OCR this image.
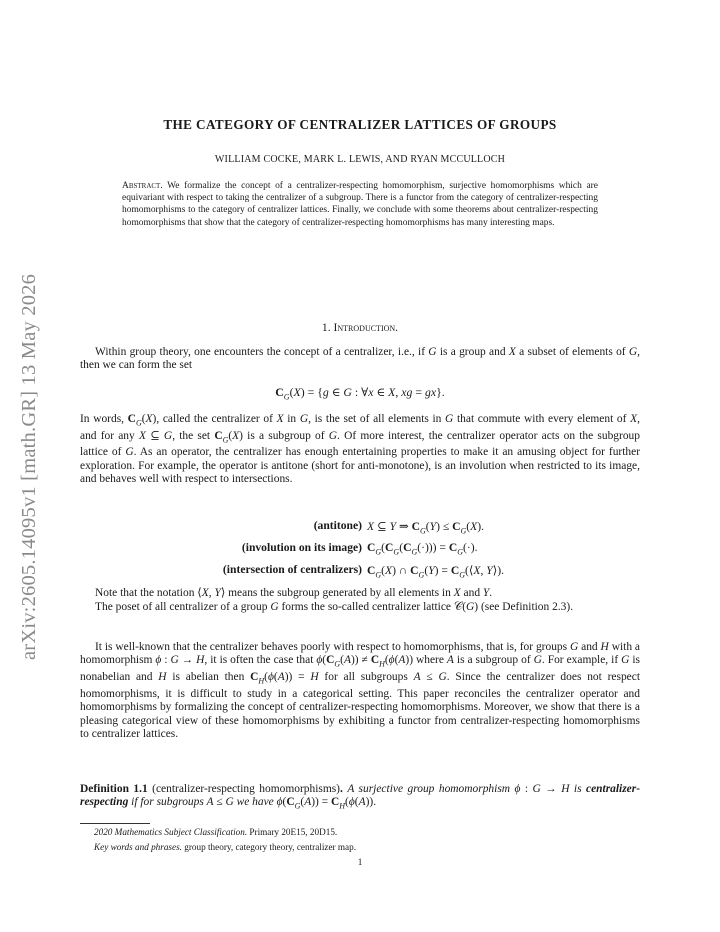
arXiv:2605.14095v1 [math.GR] 13 May 2026
THE CATEGORY OF CENTRALIZER LATTICES OF GROUPS
WILLIAM COCKE, MARK L. LEWIS, AND RYAN MCCULLOCH
Abstract. We formalize the concept of a centralizer-respecting homomorphism, surjective homomorphisms which are equivariant with respect to taking the centralizer of a subgroup. There is a functor from the category of centralizer-respecting homomorphisms to the category of centralizer lattices. Finally, we conclude with some theorems about centralizer-respecting homomorphisms that show that the category of centralizer-respecting homomorphisms has many interesting maps.
1. Introduction.
Within group theory, one encounters the concept of a centralizer, i.e., if G is a group and X a subset of elements of G, then we can form the set
$C_G(X) = \{g$ ∈ G : ∀x ∈ X, xg = gx}.
In words, $C_G(X)$, called the centralizer of X in G, is the set of all elements in G that commute with every element of X, and for any X ⊆ G, the set $C_G(X)$ is a subgroup of G. Of more interest, the centralizer operator acts on the subgroup lattice of G. As an operator, the centralizer has enough entertaining properties to make it an amusing object for further exploration. For example, the operator is antitone (short for anti-monotone), is an involution when restricted to its image, and behaves well with respect to intersections.
(antitone) X ⊆ Y ⇒ $C_G(Y) \le C_G(X)$.
(involution on its image) $C_G(C_G(C_G(\cdot))) = C_G(\cdot)$.
(intersection of centralizers) $C_G(X)$ ∩ $C_G(Y)$ = $C_G(⟨X$, Y⟩).
Note that the notation ⟨X, Y⟩ means the subgroup generated by all elements in X and Y.
The poset of all centralizer of a group G forms the so-called centralizer lattice 𝒞(G) (see Definition 2.3).
It is well-known that the centralizer behaves poorly with respect to homomorphisms, that is, for groups G and H with a homomorphism ϕ : G → H, it is often the case that $\phi(C_G(A)) \ne C_H(\phi(A))$ where A is a subgroup of G. For example, if G is nonabelian and H is abelian then $C_H(\phi(A)) = H$ for all subgroups A ≤ G. Since the centralizer does not respect homomorphisms, it is difficult to study in a categorical setting. This paper reconciles the centralizer operator and homomorphisms by formalizing the concept of centralizer-respecting homomorphisms. Moreover, we show that there is a pleasing categorical view of these homomorphisms by exhibiting a functor from centralizer-respecting homomorphisms to centralizer lattices.
Definition 1.1 (centralizer-respecting homomorphisms). A surjective group homomorphism ϕ : G → H is centralizer-respecting if for subgroups A ≤ G we have $\phi(C_G(A)) = C_H(\phi(A))$.
2020 Mathematics Subject Classification. Primary 20E15, 20D15.
Key words and phrases. group theory, category theory, centralizer map.
1
